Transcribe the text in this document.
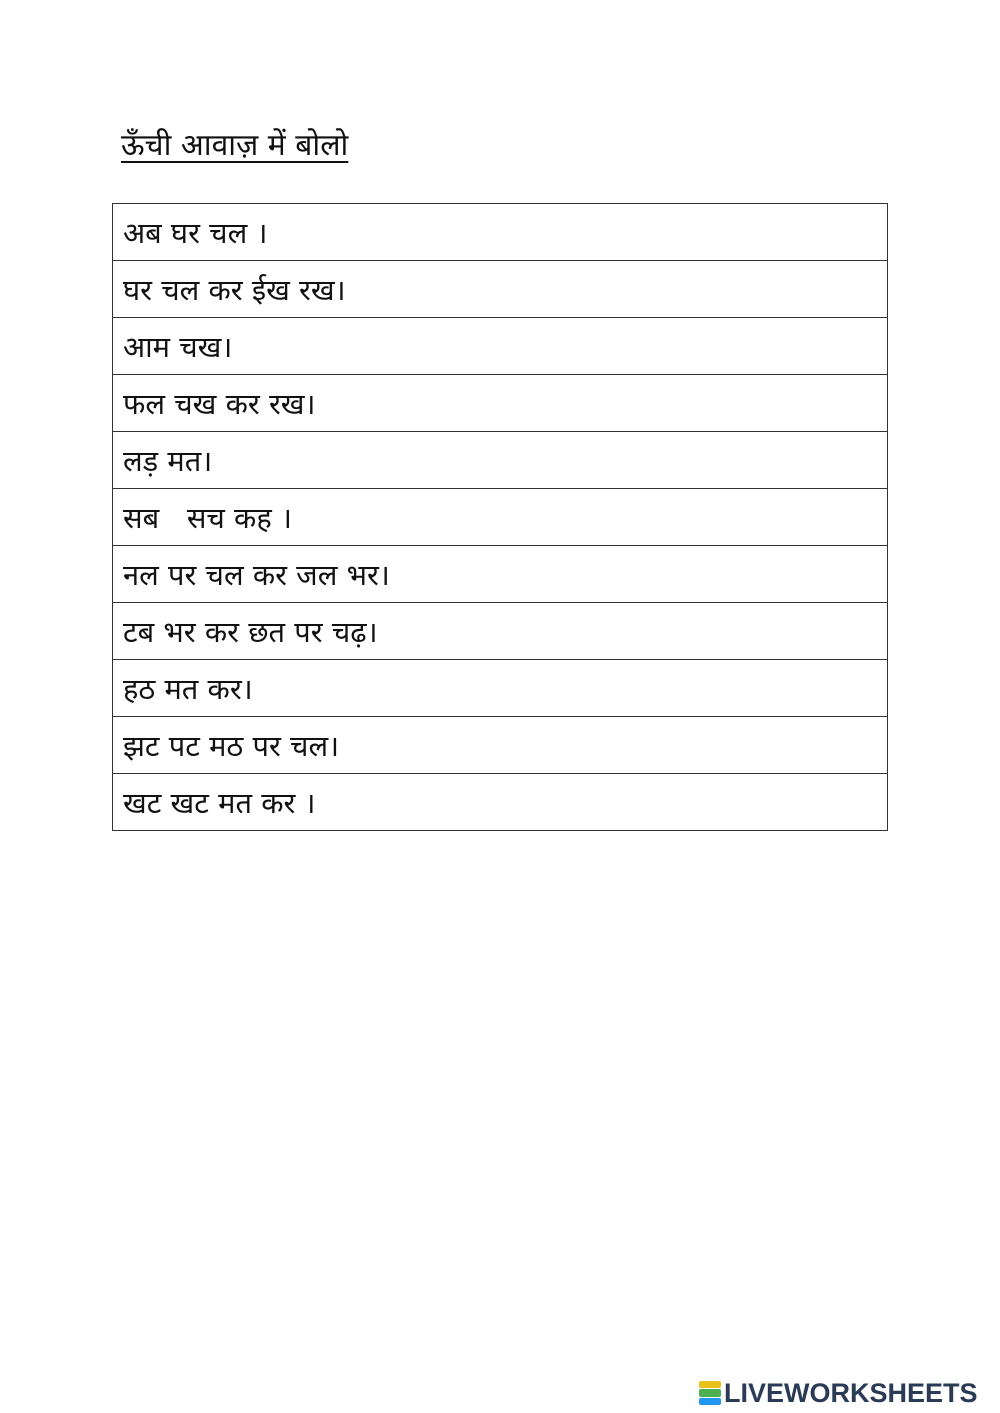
ऊँची आवाज़ में बोलो
अब घर चल ।
घर चल कर ईख रख।
आम चख।
फल चख कर रख।
लड़ मत।
सब   सच कह ।
नल पर चल कर जल भर।
टब भर कर छत पर चढ़।
हठ मत कर।
झट पट मठ पर चल।
खट खट मत कर ।
LIVEWORKSHEETS
